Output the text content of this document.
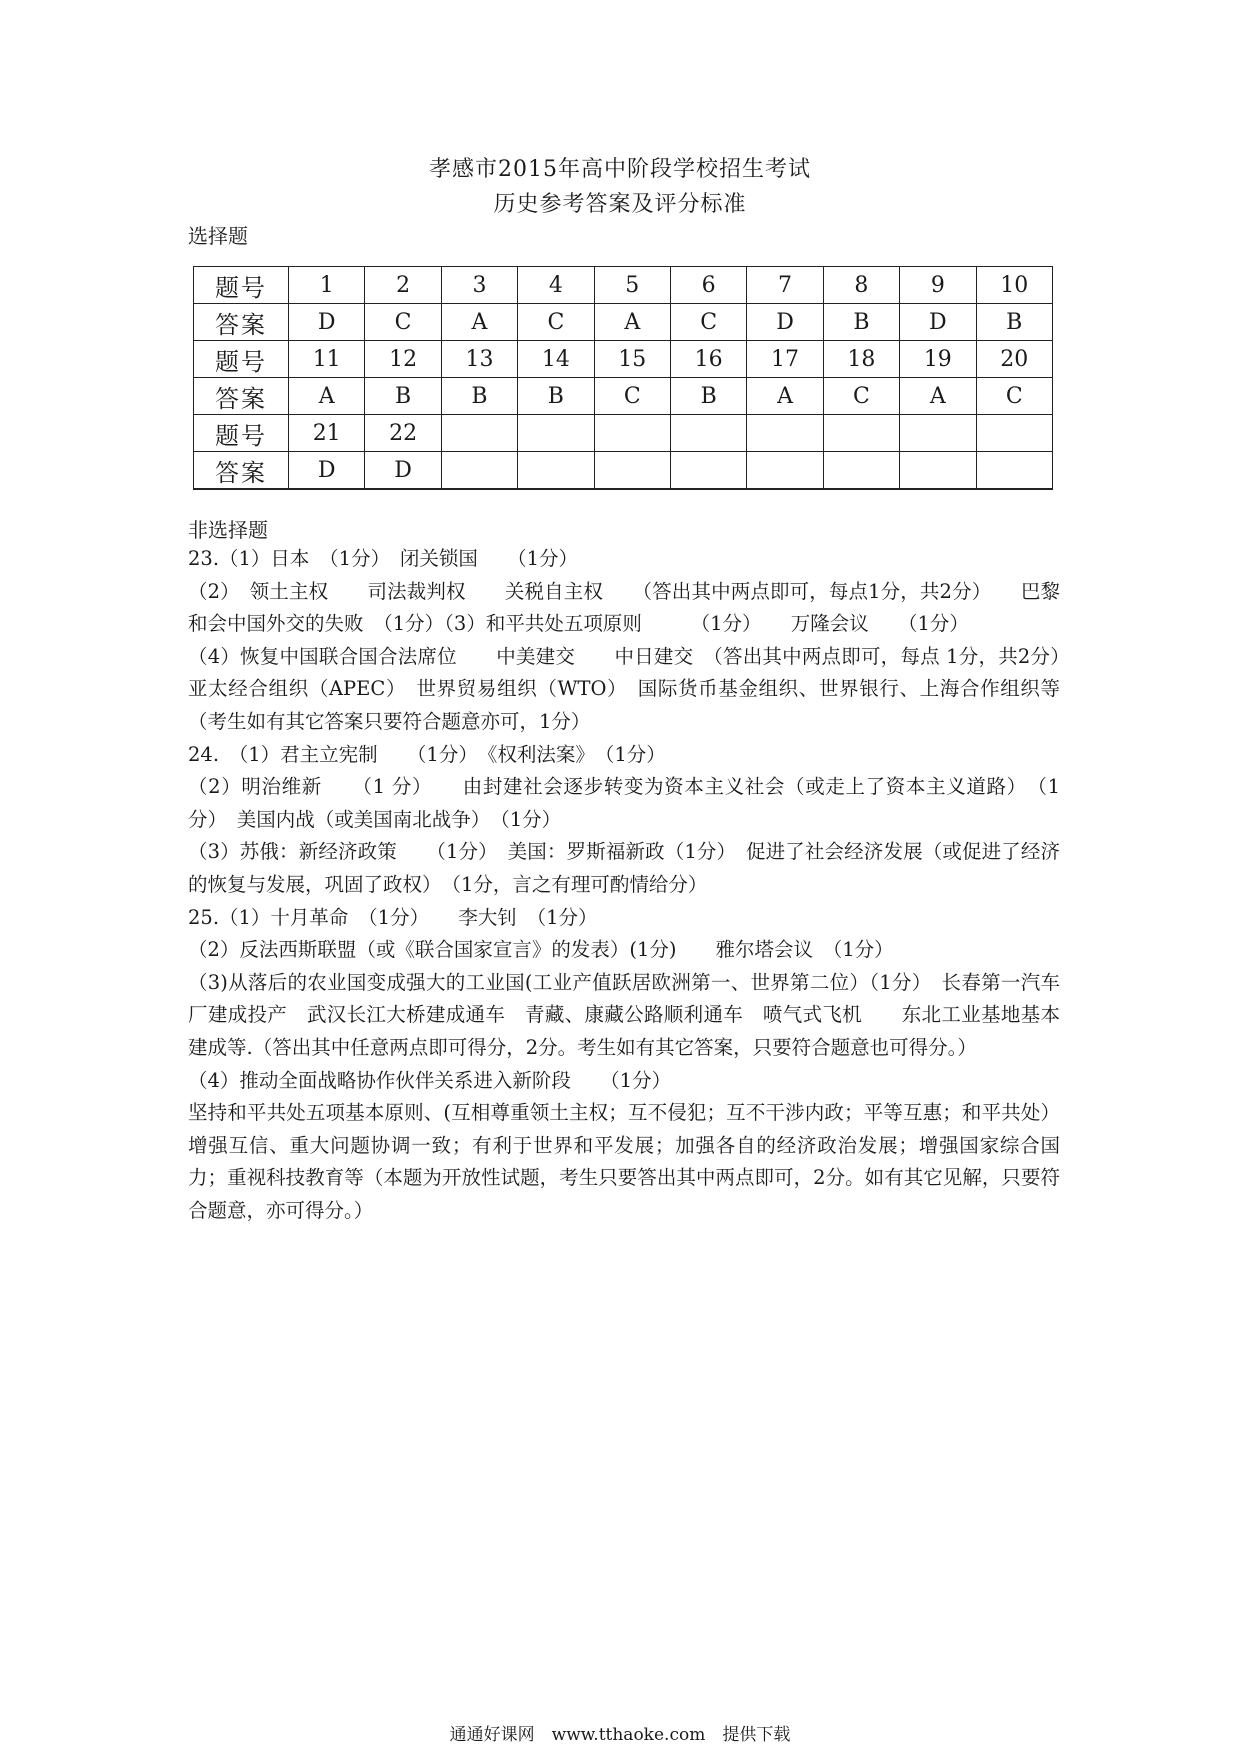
孝感市2015年高中阶段学校招生考试
历史参考答案及评分标准
选择题
题号	1	2	3	4	5	6	7	8	9	10
答案	D	C	A	C	A	C	D	B	D	B
题号	11	12	13	14	15	16	17	18	19	20
答案	A	B	B	B	C	B	A	C	A	C
题号	21	22								
答案	D	D								
非选择题

23.（1）日本　（1分）　闭关锁国　　（1分）

（2）　领土主权　　司法裁判权　　关税自主权　　（答出其中两点即可，每点1分，共2分）　　巴黎和会中国外交的失败　（1分）（3）和平共处五项原则　　　（1分）　　万隆会议　　（1分）

（4）恢复中国联合国合法席位　　中美建交　　中日建交　（答出其中两点即可，每点 1分，共2分）　亚太经合组织（APEC）　世界贸易组织（WTO）　国际货币基金组织、世界银行、上海合作组织等（考生如有其它答案只要符合题意亦可，1分）

24.　（1）君主立宪制　　（1分）　《权利法案》　（1分）

（2）明治维新　　（1 分）　　由封建社会逐步转变为资本主义社会（或走上了资本主义道路）　（1分）　美国内战（或美国南北战争）　（1分）

（3）苏俄：新经济政策　　（1分）　美国：罗斯福新政（1分）　促进了社会经济发展（或促进了经济的恢复与发展，巩固了政权）　（1分，言之有理可酌情给分）

25.（1）十月革命　（1分）　　李大钊　（1分）

（2）反法西斯联盟（或《联合国家宣言》的发表）(1分)　　雅尔塔会议　（1分）

（3)从落后的农业国变成强大的工业国(工业产值跃居欧洲第一、世界第二位）（1分）　长春第一汽车厂建成投产　武汉长江大桥建成通车　青藏、康藏公路顺利通车　喷气式飞机　　东北工业基地基本建成等.（答出其中任意两点即可得分，2分。考生如有其它答案，只要符合题意也可得分。）

（4）推动全面战略协作伙伴关系进入新阶段　　（1分）

坚持和平共处五项基本原则、(互相尊重领土主权；互不侵犯；互不干涉内政；平等互惠；和平共处）增强互信、重大问题协调一致；有利于世界和平发展；加强各自的经济政治发展；增强国家综合国力；重视科技教育等（本题为开放性试题，考生只要答出其中两点即可，2分。如有其它见解，只要符合题意，亦可得分。）

通通好课网　www.tthaoke.com　提供下载
